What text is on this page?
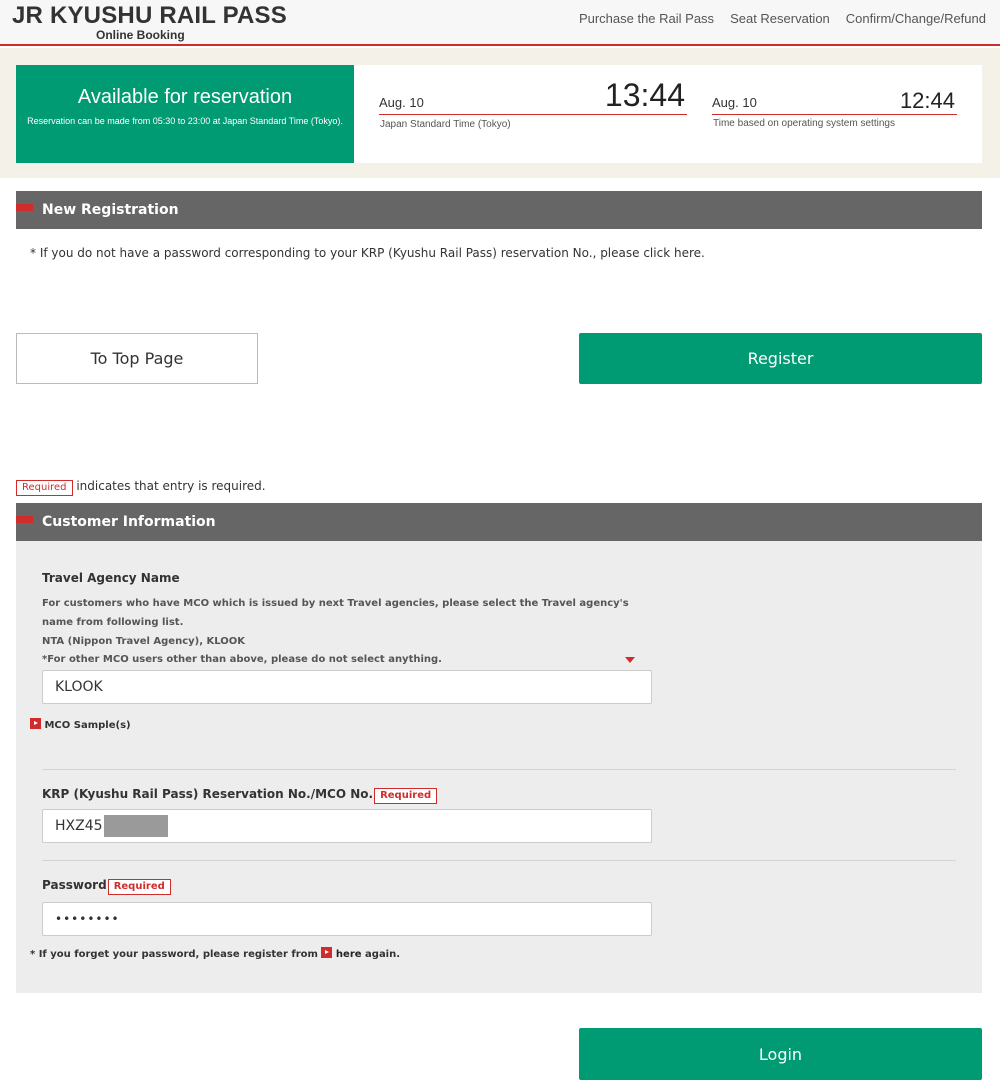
JR KYUSHU RAIL PASS
Online Booking
Purchase the Rail Pass Seat Reservation Confirm/Change/Refund
Available for reservation
Reservation can be made from 05:30 to 23:00 at Japan Standard Time (Tokyo).
Aug. 10	13:44
Japan Standard Time (Tokyo)
Aug. 10	12:44
Time based on operating system settings
New Registration
* If you do not have a password corresponding to your KRP (Kyushu Rail Pass) reservation No., please click here.
To Top Page	Register
Required indicates that entry is required.
Customer Information
Travel Agency Name
For customers who have MCO which is issued by next Travel agencies, please select the Travel agency's
name from following list.
NTA (Nippon Travel Agency), KLOOK
*For other MCO users other than above, please do not select anything.
KLOOK
MCO Sample(s)
KRP (Kyushu Rail Pass) Reservation No./MCO No. Required
HXZ45
Password Required
••••••••
* If you forget your password, please register from here again.
Login
